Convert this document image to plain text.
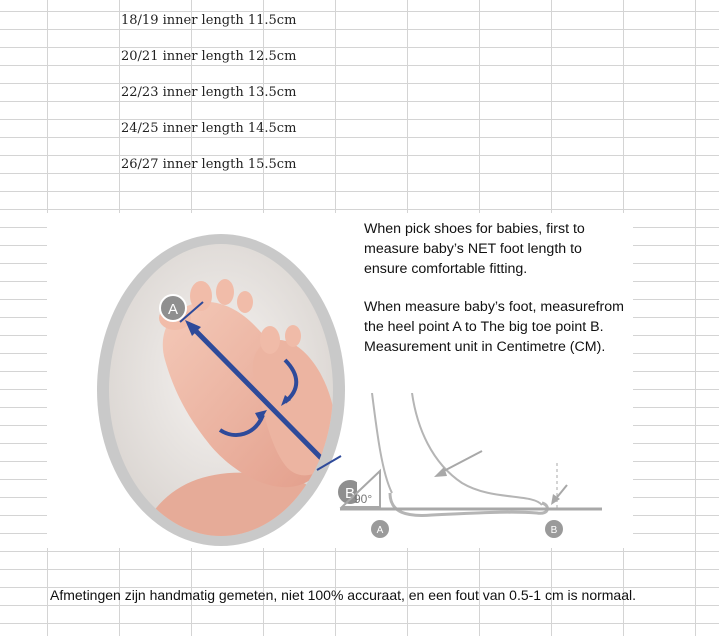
18/19 inner length 11.5cm
20/21 inner length 12.5cm
22/23 inner length 13.5cm
24/25 inner length 14.5cm
26/27 inner length 15.5cm
A
B
When pick shoes for babies, first to measure baby’s NET foot length to ensure comfortable fitting.
When measure baby’s foot, measurefrom the heel point A to The big toe point B. Measurement unit in Centimetre (CM).
90°
A	B

Afmetingen zijn handmatig gemeten, niet 100% accuraat, en een fout van 0.5-1 cm is normaal.
